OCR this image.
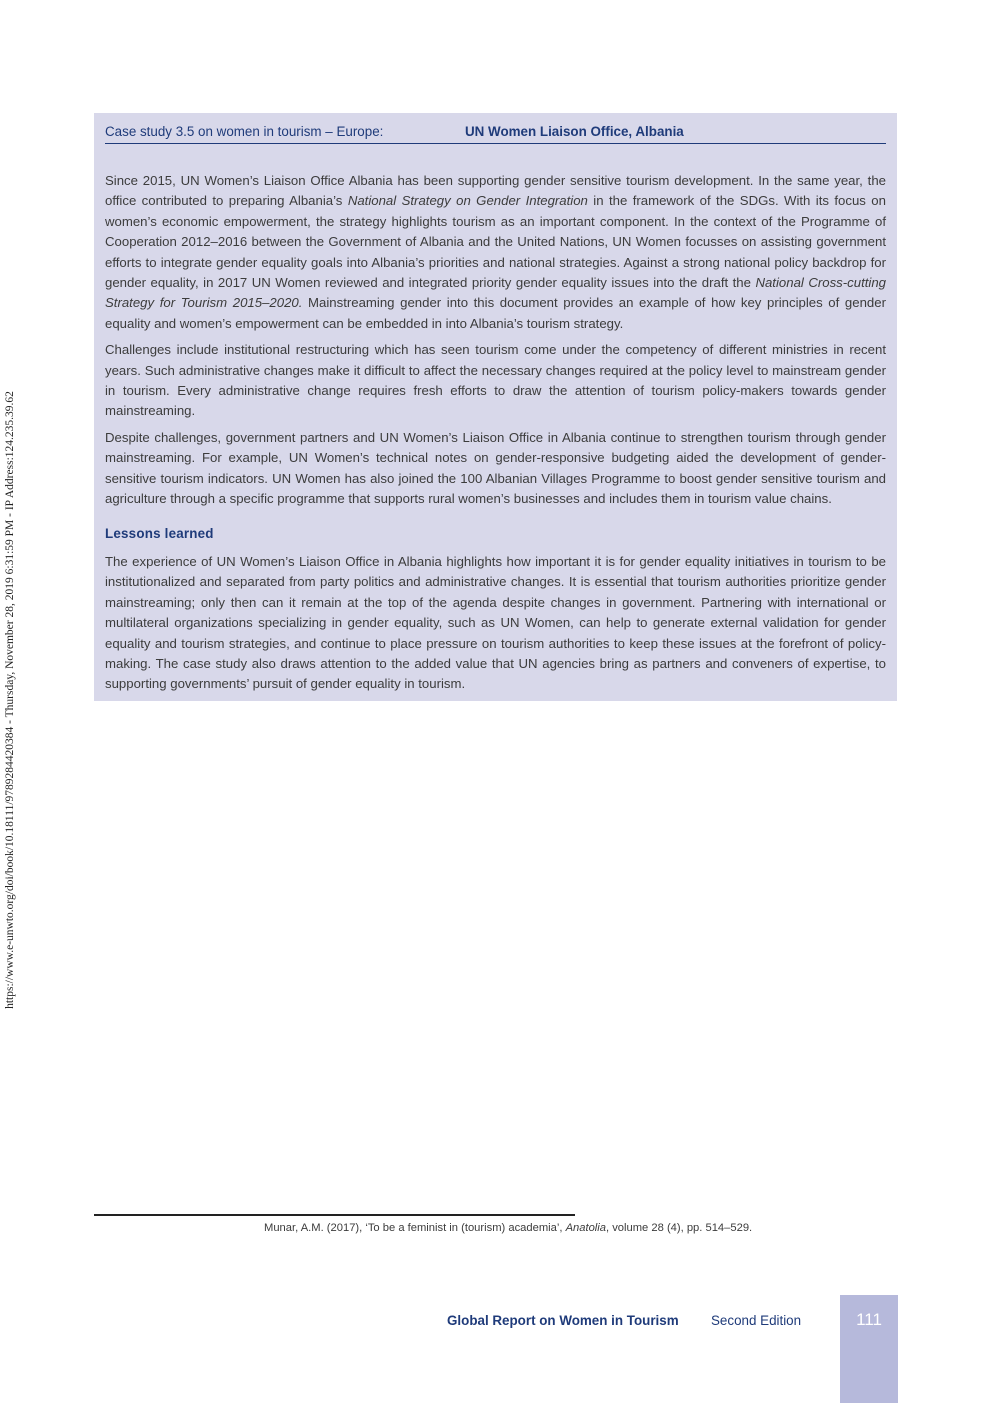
https://www.e-unwto.org/doi/book/10.18111/9789284420384 - Thursday, November 28, 2019 6:31:59 PM - IP Address:124.235.39.62
Case study 3.5 on women in tourism – Europe:	UN Women Liaison Office, Albania

Since 2015, UN Women’s Liaison Office Albania has been supporting gender sensitive tourism development. In the same year, the office contributed to preparing Albania’s National Strategy on Gender Integration in the framework of the SDGs. With its focus on women’s economic empowerment, the strategy highlights tourism as an important component. In the context of the Programme of Cooperation 2012–2016 between the Government of Albania and the United Nations, UN Women focusses on assisting government efforts to integrate gender equality goals into Albania’s priorities and national strategies. Against a strong national policy backdrop for gender equality, in 2017 UN Women reviewed and integrated priority gender equality issues into the draft the National Cross-cutting Strategy for Tourism 2015–2020. Mainstreaming gender into this document provides an example of how key principles of gender equality and women’s empowerment can be embedded in into Albania’s tourism strategy.

Challenges include institutional restructuring which has seen tourism come under the competency of different ministries in recent years. Such administrative changes make it difficult to affect the necessary changes required at the policy level to mainstream gender in tourism. Every administrative change requires fresh efforts to draw the attention of tourism policy-makers towards gender mainstreaming.

Despite challenges, government partners and UN Women’s Liaison Office in Albania continue to strengthen tourism through gender mainstreaming. For example, UN Women’s technical notes on gender-responsive budgeting aided the development of gender-sensitive tourism indicators. UN Women has also joined the 100 Albanian Villages Programme to boost gender sensitive tourism and agriculture through a specific programme that supports rural women’s businesses and includes them in tourism value chains.

Lessons learned

The experience of UN Women’s Liaison Office in Albania highlights how important it is for gender equality initiatives in tourism to be institutionalized and separated from party politics and administrative changes. It is essential that tourism authorities prioritize gender mainstreaming; only then can it remain at the top of the agenda despite changes in government. Partnering with international or multilateral organizations specializing in gender equality, such as UN Women, can help to generate external validation for gender equality and tourism strategies, and continue to place pressure on tourism authorities to keep these issues at the forefront of policy-making. The case study also draws attention to the added value that UN agencies bring as partners and conveners of expertise, to supporting governments’ pursuit of gender equality in tourism.

Munar, A.M. (2017), ‘To be a feminist in (tourism) academia’, Anatolia, volume 28 (4), pp. 514–529.
Global Report on Women in Tourism Second Edition	111
